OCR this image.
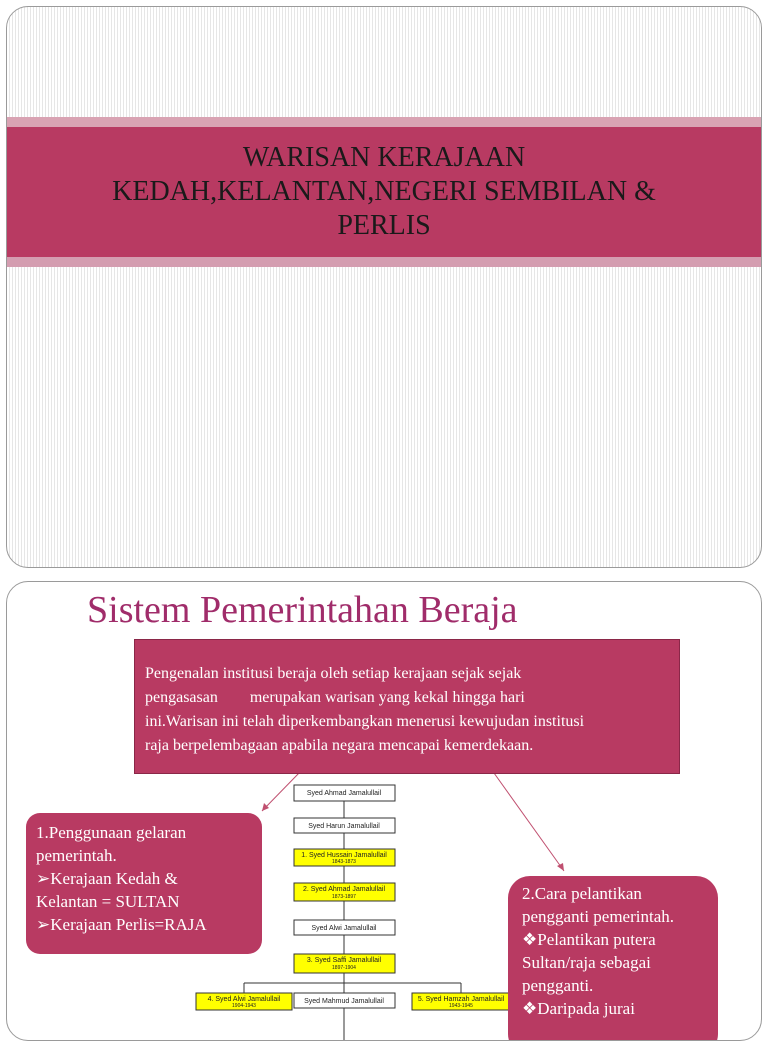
WARISAN KERAJAAN
KEDAH,KELANTAN,NEGERI SEMBILAN &
PERLIS
Sistem Pemerintahan Beraja
Syed Ahmad Jamalullail
Syed Harun Jamalullail
1. Syed Hussain Jamalullail
1843-1873
2. Syed Ahmad Jamalullail
1873-1897
Syed Alwi Jamalullail
3. Syed Saffi Jamalullail
1897-1904
4. Syed Alwi Jamalullail
1904-1943
Syed Mahmud Jamalullail	5. Syed Hamzah Jamalullail
1943-1945
Pengenalan institusi beraja oleh setiap kerajaan sejak sejak
pengasasan        merupakan warisan yang kekal hingga hari
ini.Warisan ini telah diperkembangkan menerusi kewujudan institusi
raja berpelembagaan apabila negara mencapai kemerdekaan.
1.Penggunaan gelaran
pemerintah.
➢Kerajaan Kedah &
Kelantan = SULTAN
➢Kerajaan Perlis=RAJA
2.Cara pelantikan
pengganti pemerintah.
❖Pelantikan putera
Sultan/raja sebagai
pengganti.
❖Daripada jurai
